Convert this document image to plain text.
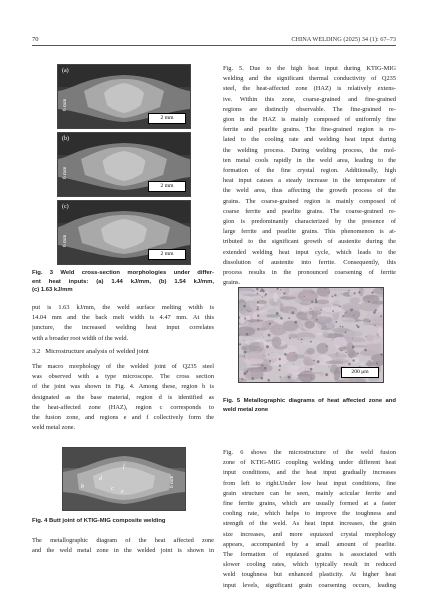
70	CHINA WELDING (2025) 34 (1): 67–73
(a)
6 mm
2 mm
(b)
6 mm
2 mm
(c)
6 mm
2 mm
Fig. 3 Weld cross-section morphologies under differ-
ent heat inputs: (a) 1.44 kJ/mm, (b) 1.54 kJ/mm,
(c) 1.63 kJ/mm
put is 1.63 kJ/mm, the weld surface melting width is
14.04 mm and the back melt width is 4.47 mm. At this
juncture, the increased welding heat input correlates
with a broader root width of the weld.
3.2 Microstructure analysis of welded joint
The macro morphology of the welded joint of Q235 steel
was observed with a type microscope. The cross section
of the joint was shown in Fig. 4. Among these, region b is
designated as the base material, region d is identified as
the heat-affected zone (HAZ), region c corresponds to
the fusion zone, and regions e and f collectively form the
weld metal zone.
b	c
d
e
f
6 mm
Fig. 4 Butt joint of KTIG-MIG composite welding
The metallographic diagram of the heat affected zone
and the weld metal zone in the welded joint is shown in
Fig. 5. Due to the high heat input during KTIG-MIG
welding and the significant thermal conductivity of Q235
steel, the heat-affected zone (HAZ) is relatively extens-
ive. Within this zone, coarse-grained and fine-grained
regions are distinctly observable. The fine-grained re-
gion in the HAZ is mainly composed of uniformly fine
ferrite and pearlite grains. The fine-grained region is re-
lated to the cooling rate and welding heat input during
the welding process. During welding process, the mol-
ten metal cools rapidly in the weld area, leading to the
formation of the fine crystal region. Additionally, high
heat input causes a steady increase in the temperature of
the weld area, thus affecting the growth process of the
grains. The coarse-grained region is mainly composed of
coarse ferrite and pearlite grains. The coarse-grained re-
gion is predominantly characterized by the presence of
large ferrite and pearlite grains. This phenomenon is at-
tributed to the significant growth of austenite during the
extended welding heat input cycle, which leads to the
dissolution of austenite into ferrite. Consequently, this
process results in the pronounced coarsening of ferrite
grains.
200 μm
Fig. 5 Metallographic diagrams of heat affected zone and
weld metal zone
Fig. 6 shows the microstructure of the weld fusion
zone of KTIG-MIG coupling welding under different heat
input conditions, and the heat input gradually increases
from left to right.Under low heat input conditions, fine
grain structure can be seen, mainly acicular ferrite and
fine ferrite grains, which are usually formed at a faster
cooling rate, which helps to improve the toughness and
strength of the weld. As heat input increases, the grain
size increases, and more equiaxed crystal morphology
appears, accompanied by a small amount of pearlite.
The formation of equiaxed grains is associated with
slower cooling rates, which typically result in reduced
weld toughness but enhanced plasticity. At higher heat
input levels, significant grain coarsening occurs, leading
